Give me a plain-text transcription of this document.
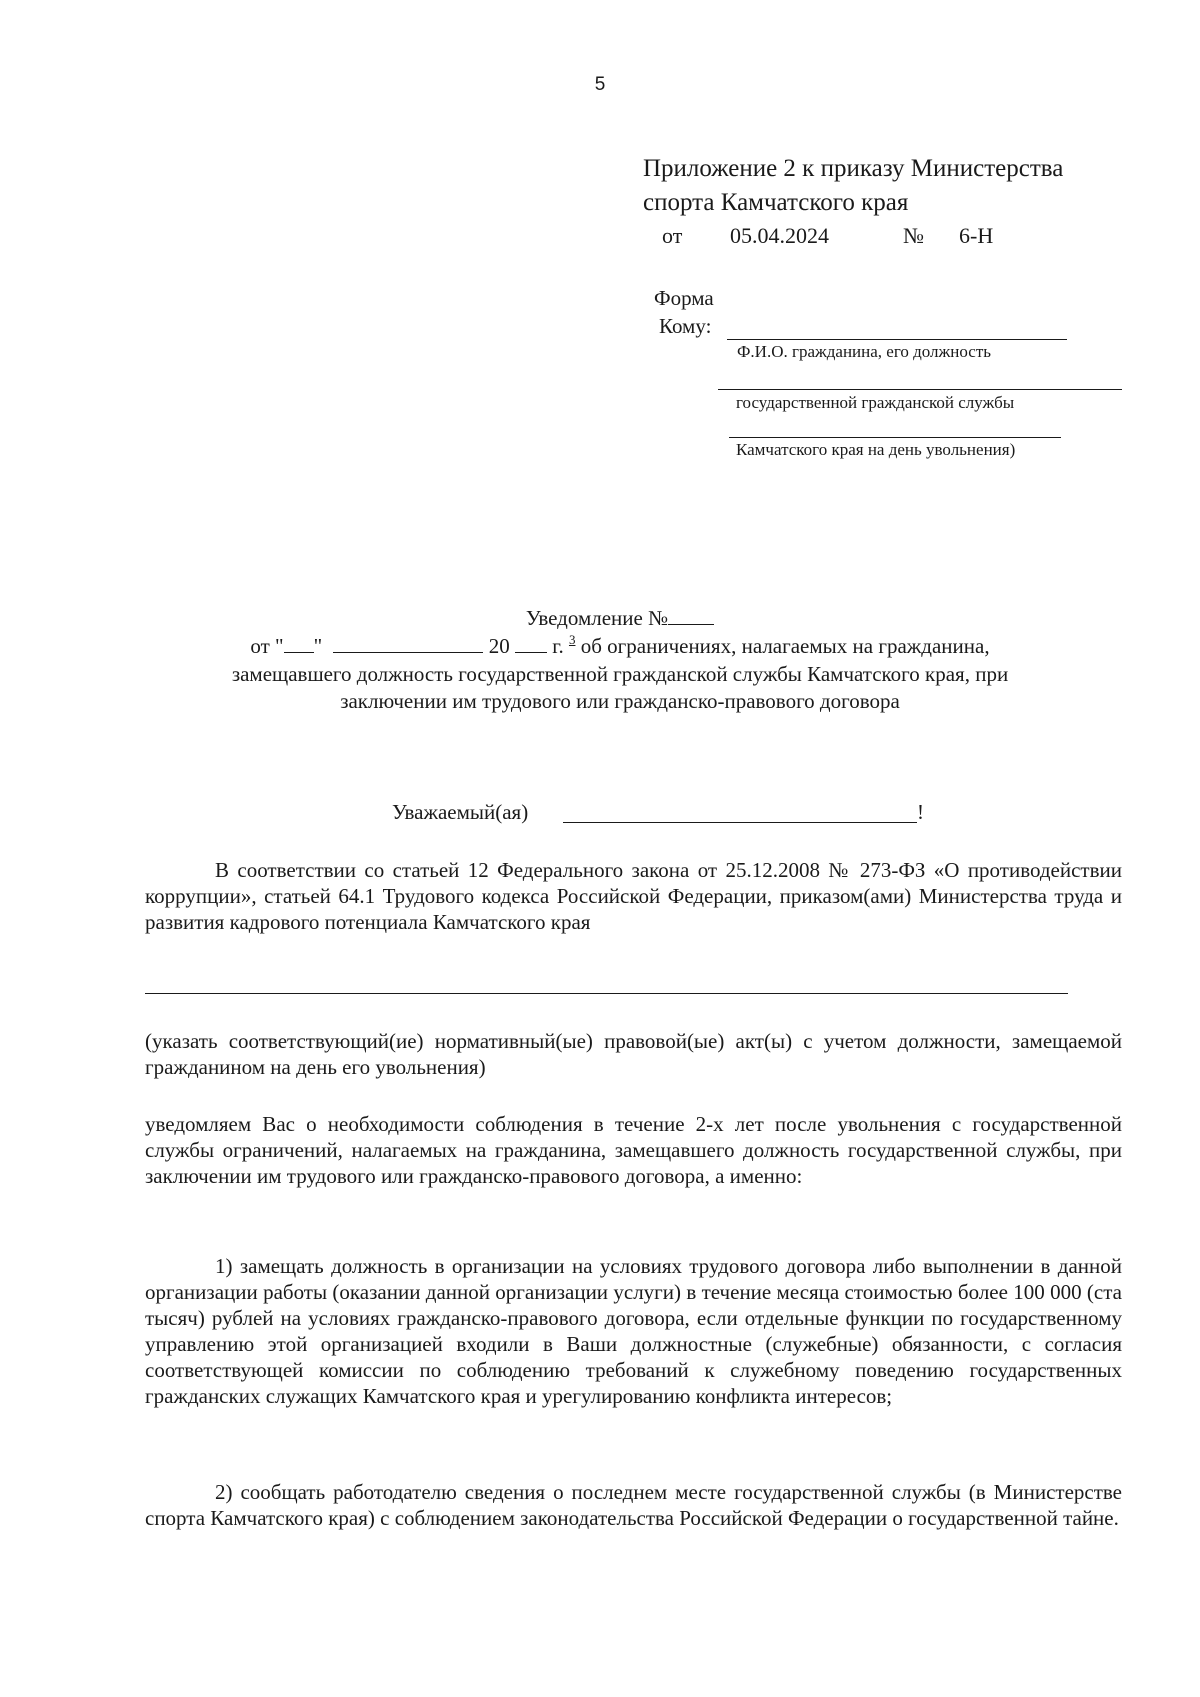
5
Приложение 2 к приказу Министерства
спорта Камчатского края
от 05.04.2024	№ 6-Н
Форма
Кому:
Ф.И.О. гражданина, его должность
государственной гражданской службы
Камчатского края на день увольнения)
Уведомление №
от " "	20 г. $^3$ об ограничениях, налагаемых на гражданина,
замещавшего должность государственной гражданской службы Камчатского края, при
заключении им трудового или гражданско-правового договора
Уважаемый(ая)	!
В соответствии со статьей 12 Федерального закона от 25.12.2008 № 273-ФЗ «О противодействии коррупции», статьей 64.1 Трудового кодекса Российской Федерации, приказом(ами) Министерства труда и развития кадрового потенциала Камчатского края
(указать соответствующий(ие) нормативный(ые) правовой(ые) акт(ы) с учетом должности, замещаемой гражданином на день его увольнения)
уведомляем Вас о необходимости соблюдения в течение 2-х лет после увольнения с государственной службы ограничений, налагаемых на гражданина, замещавшего должность государственной службы, при заключении им трудового или гражданско-правового договора, а именно:
1) замещать должность в организации на условиях трудового договора либо выполнении в данной организации работы (оказании данной организации услуги) в течение месяца стоимостью более 100 000 (ста тысяч) рублей на условиях гражданско-правового договора, если отдельные функции по государственному управлению этой организацией входили в Ваши должностные (служебные) обязанности, с согласия соответствующей комиссии по соблюдению требований к служебному поведению государственных гражданских служащих Камчатского края и урегулированию конфликта интересов;
2) сообщать работодателю сведения о последнем месте государственной службы (в Министерстве спорта Камчатского края) с соблюдением законодательства Российской Федерации о государственной тайне.
